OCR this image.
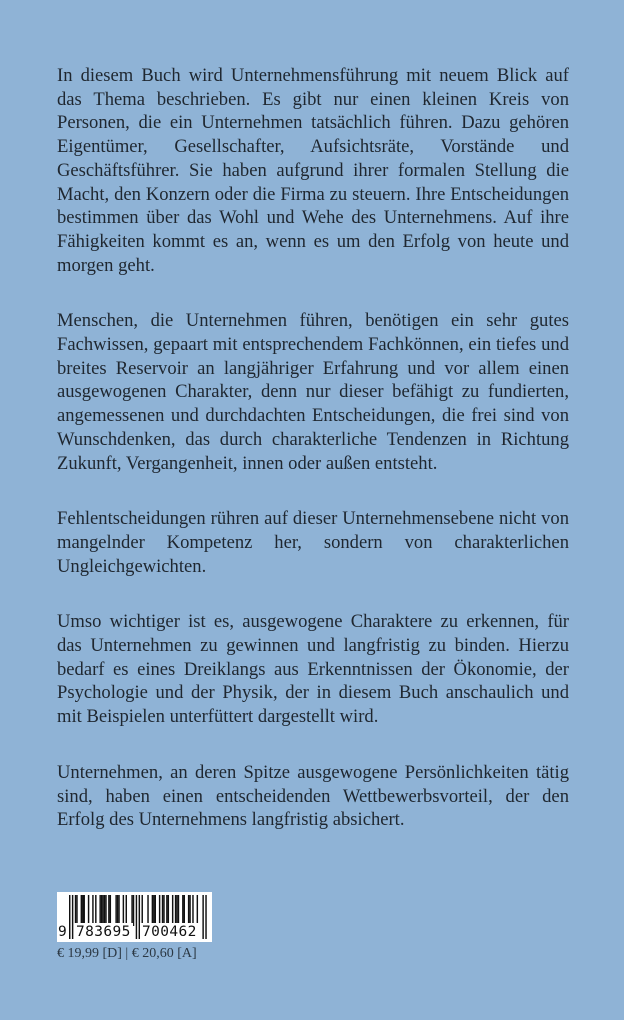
In diesem Buch wird Unternehmensführung mit neuem Blick auf das Thema beschrieben. Es gibt nur einen kleinen Kreis von Personen, die ein Unternehmen tatsächlich führen. Dazu gehören Eigentümer, Gesellschafter, Aufsichtsräte, Vorstände und Geschäftsführer. Sie haben aufgrund ihrer formalen Stellung die Macht, den Konzern oder die Firma zu steuern. Ihre Entscheidungen bestimmen über das Wohl und Wehe des Unternehmens. Auf ihre Fähigkeiten kommt es an, wenn es um den Erfolg von heute und morgen geht.

Menschen, die Unternehmen führen, benötigen ein sehr gutes Fachwissen, gepaart mit entsprechendem Fachkönnen, ein tiefes und breites Reservoir an langjähriger Erfahrung und vor allem einen ausgewogenen Charakter, denn nur dieser befähigt zu fundierten, angemessenen und durchdachten Entscheidungen, die frei sind von Wunschdenken, das durch charakterliche Tendenzen in Richtung Zukunft, Vergangenheit, innen oder außen entsteht.

Fehlentscheidungen rühren auf dieser Unternehmensebene nicht von mangelnder Kompetenz her, sondern von charakterlichen Ungleichgewichten.

Umso wichtiger ist es, ausgewogene Charaktere zu erkennen, für das Unternehmen zu gewinnen und langfristig zu binden. Hierzu bedarf es eines Dreiklangs aus Erkenntnissen der Ökonomie, der Psychologie und der Physik, der in diesem Buch anschaulich und mit Beispielen unterfüttert dargestellt wird.

Unternehmen, an deren Spitze ausgewogene Persönlichkeiten tätig sind, haben einen entscheidenden Wettbewerbsvorteil, der den Erfolg des Unternehmens langfristig absichert.

9 783695 700462
€ 19,99 [D] | € 20,60 [A]
